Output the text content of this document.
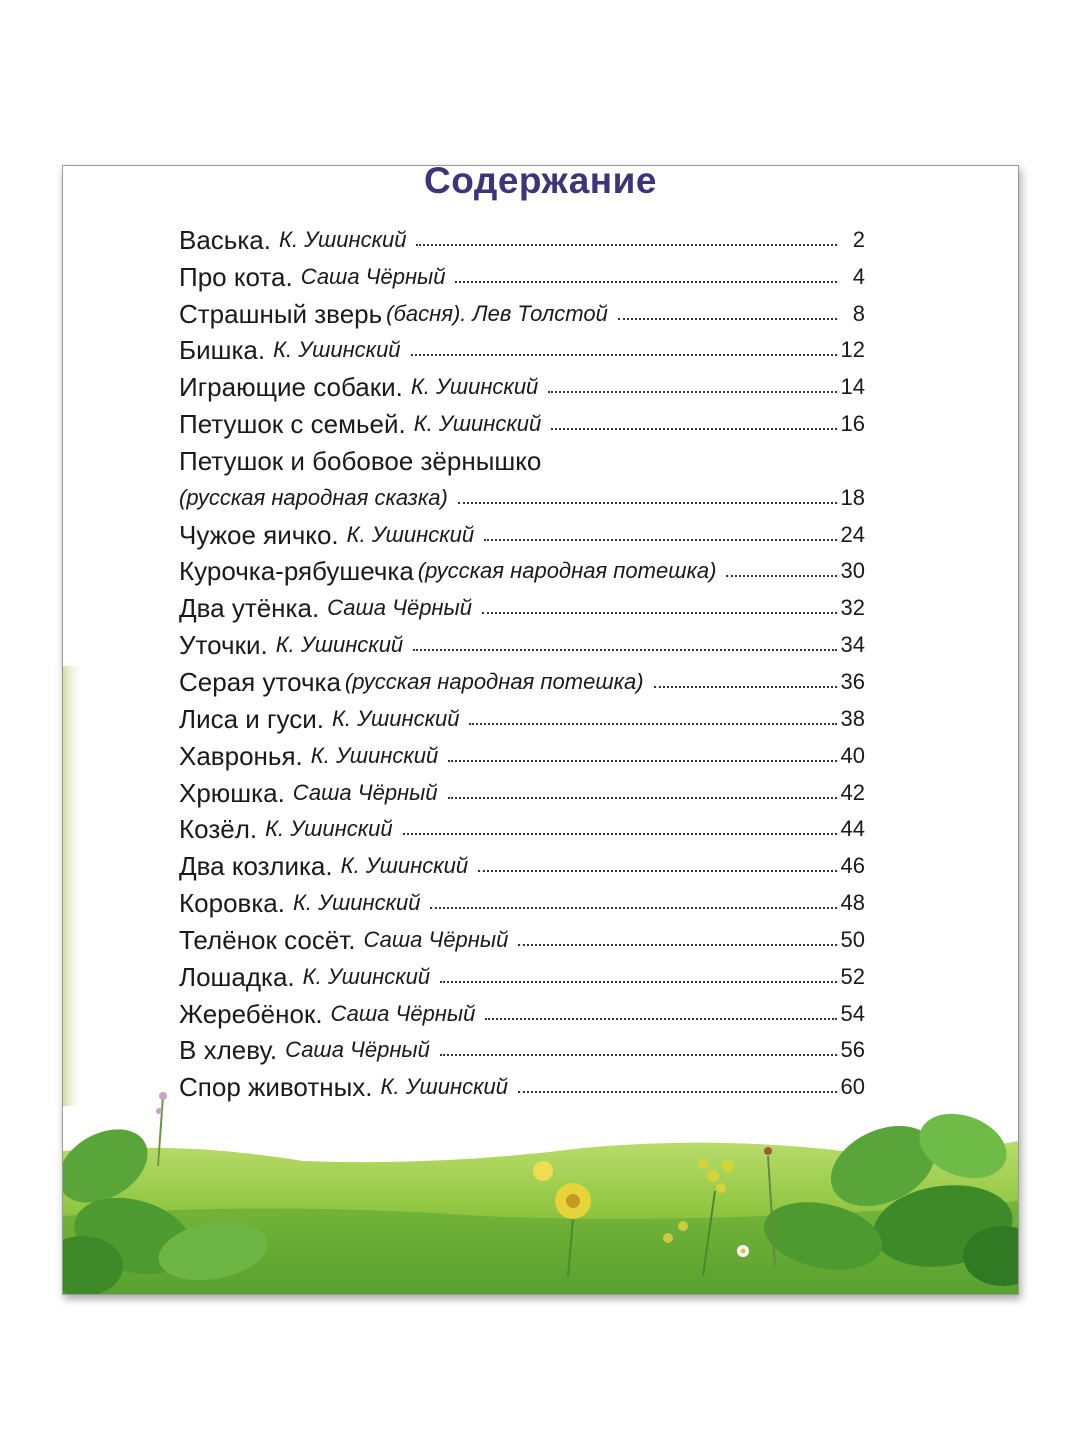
Содержание
Васька. К. Ушинский	2
Про кота. Саша Чёрный	4
Страшный зверь (басня). Лев Толстой	8
Бишка. К. Ушинский	12
Играющие собаки. К. Ушинский	14
Петушок с семьей. К. Ушинский	16
Петушок и бобовое зёрнышко
(русская народная сказка)	18
Чужое яичко. К. Ушинский	24
Курочка-рябушечка (русская народная потешка)	30
Два утёнка. Саша Чёрный	32
Уточки. К. Ушинский	34
Серая уточка (русская народная потешка)	36
Лиса и гуси. К. Ушинский	38
Хавронья. К. Ушинский	40
Хрюшка. Саша Чёрный	42
Козёл. К. Ушинский	44
Два козлика. К. Ушинский	46
Коровка. К. Ушинский	48
Телёнок сосёт. Саша Чёрный	50
Лошадка. К. Ушинский	52
Жеребёнок. Саша Чёрный	54
В хлеву. Саша Чёрный	56
Спор животных. К. Ушинский	60
